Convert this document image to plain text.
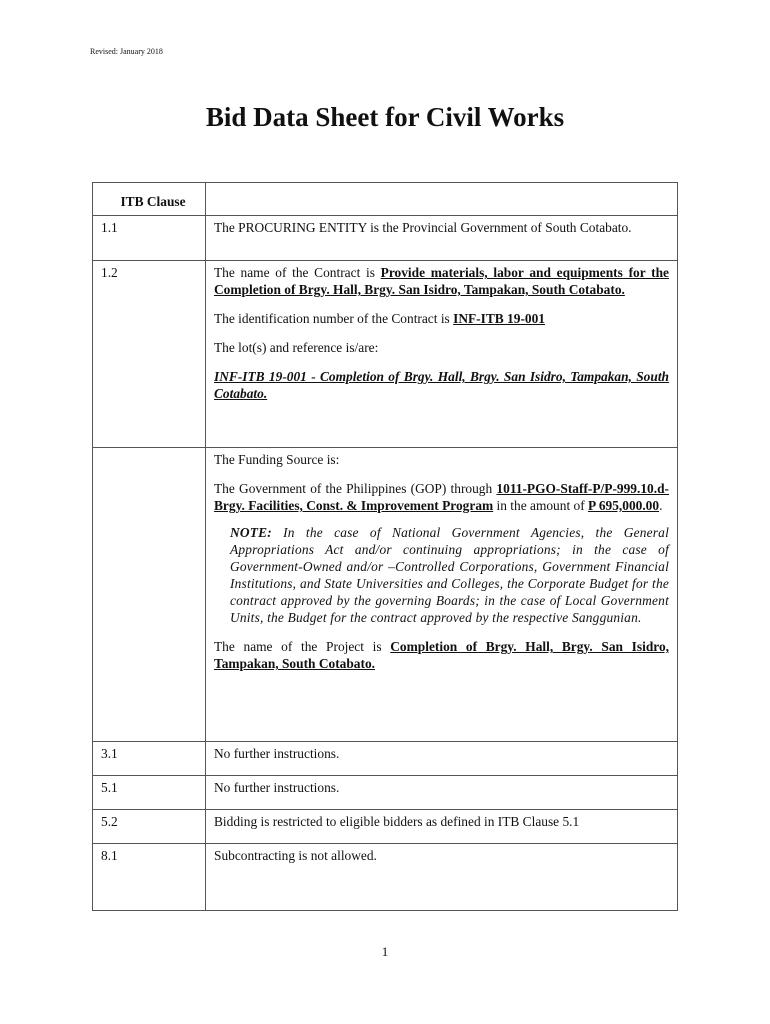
Revised: January 2018
Bid Data Sheet for Civil Works
ITB Clause	
1.1	The PROCURING ENTITY is the Provincial Government of South Cotabato.

1.2	The name of the Contract is Provide materials, labor and equipments for the Completion of Brgy. Hall, Brgy. San Isidro, Tampakan, South Cotabato.

The identification number of the Contract is INF-ITB 19-001

The lot(s) and reference is/are:

INF-ITB 19-001 - Completion of Brgy. Hall, Brgy. San Isidro, Tampakan, South Cotabato.

	The Funding Source is:

The Government of the Philippines (GOP) through 1011-PGO-Staff-P/P-999.10.d- Brgy. Facilities, Const. & Improvement Program in the amount of P 695,000.00.

NOTE: In the case of National Government Agencies, the General Appropriations Act and/or continuing appropriations; in the case of Government-Owned and/or –Controlled Corporations, Government Financial Institutions, and State Universities and Colleges, the Corporate Budget for the contract approved by the governing Boards; in the case of Local Government Units, the Budget for the contract approved by the respective Sanggunian.

The name of the Project is Completion of Brgy. Hall, Brgy. San Isidro, Tampakan, South Cotabato.

3.1	No further instructions.
5.1	No further instructions.
5.2	Bidding is restricted to eligible bidders as defined in ITB Clause 5.1
8.1	Subcontracting is not allowed.
1
